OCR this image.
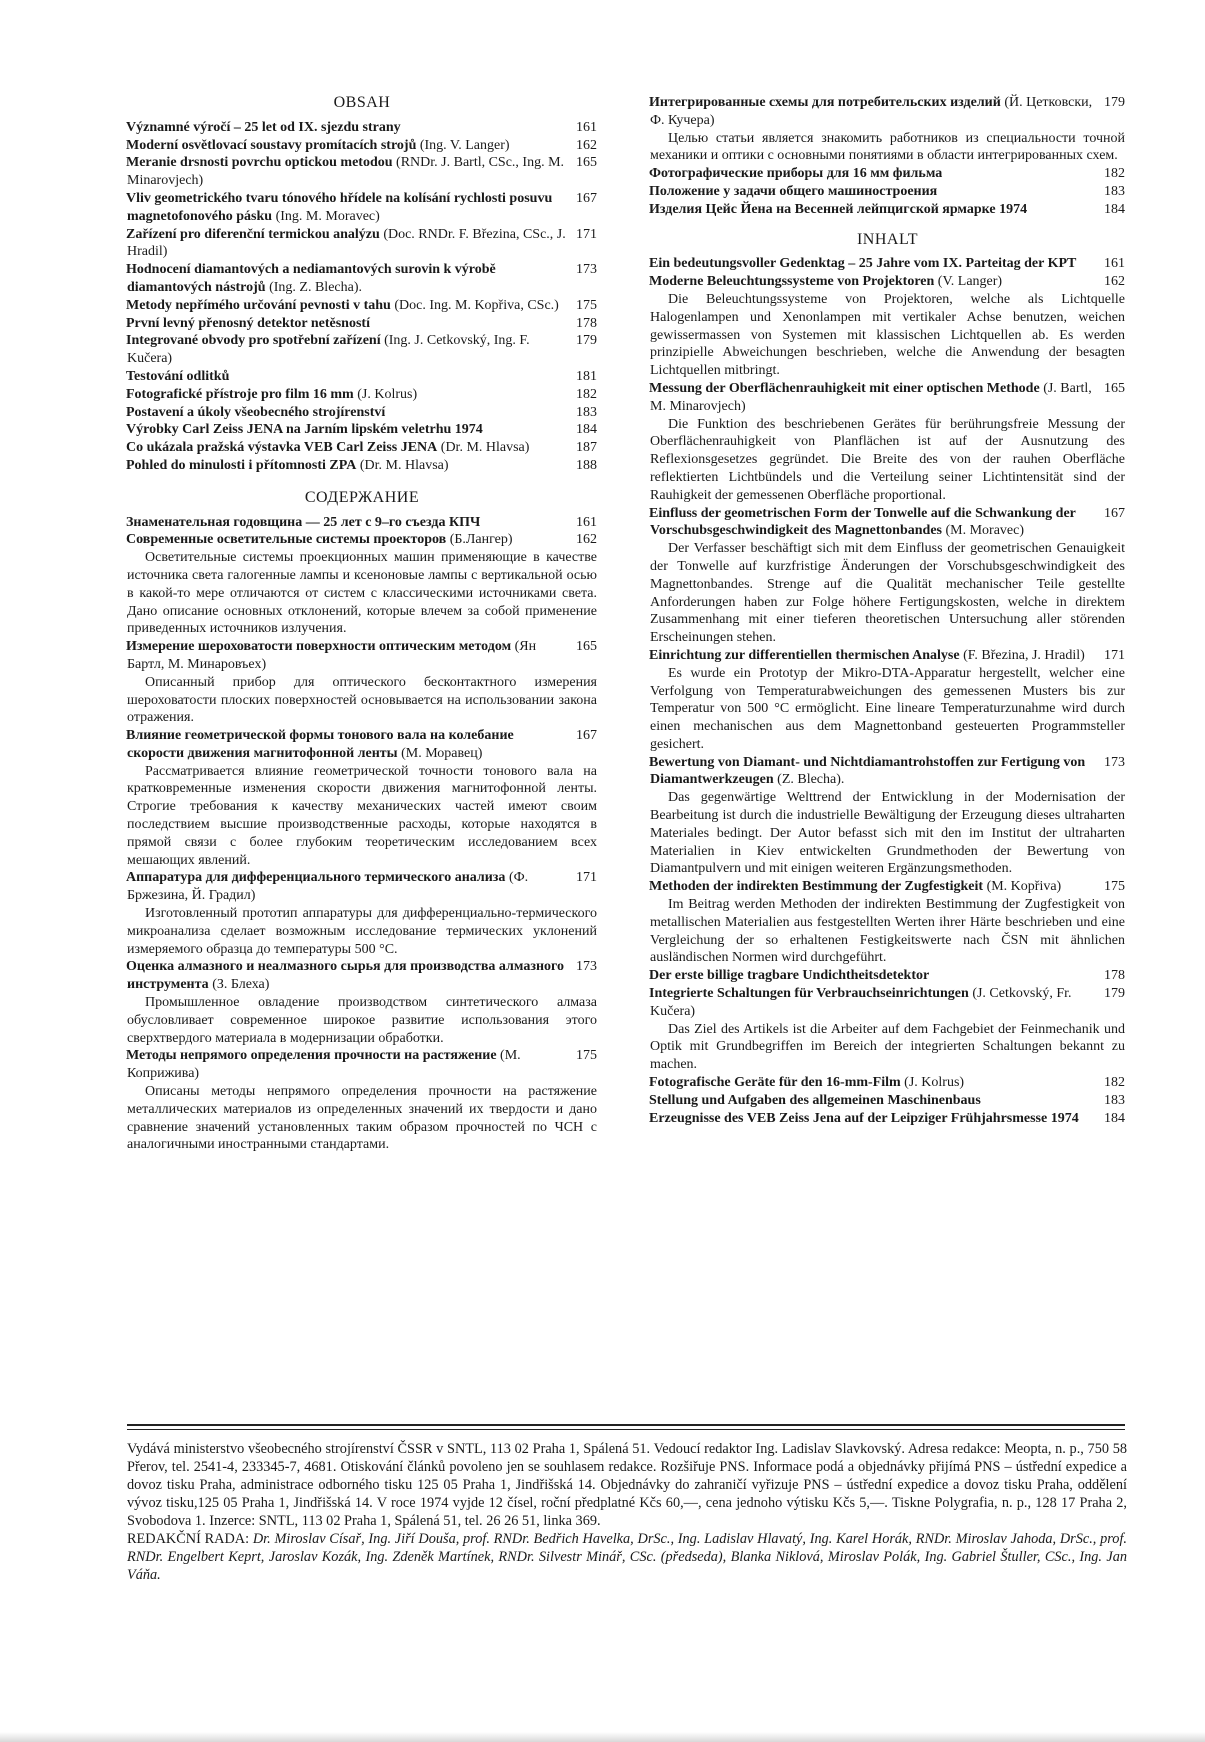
OBSAH
161
Významné výročí – 25 let od IX. sjezdu strany
162
Moderní osvětlovací soustavy promítacích strojů (Ing. V. Langer)
165
Meranie drsnosti povrchu optickou metodou (RNDr. J. Bartl, CSc., Ing. M. Minarovjech)
167
Vliv geometrického tvaru tónového hřídele na kolísání rychlosti posuvu magnetofonového pásku (Ing. M. Moravec)
171
Zařízení pro diferenční termickou analýzu (Doc. RNDr. F. Březina, CSc., J. Hradil)
173
Hodnocení diamantových a nediamantových surovin k výrobě diamantových nástrojů (Ing. Z. Blecha).
175
Metody nepřímého určování pevnosti v tahu (Doc. Ing. M. Kopřiva, CSc.)
178
První levný přenosný detektor netěsností
179
Integrované obvody pro spotřební zařízení (Ing. J. Cetkovský, Ing. F. Kučera)
181
Testování odlitků
182
Fotografické přístroje pro film 16 mm (J. Kolrus)
183
Postavení a úkoly všeobecného strojírenství
184
Výrobky Carl Zeiss JENA na Jarním lipském veletrhu 1974
187
Co ukázala pražská výstavka VEB Carl Zeiss JENA (Dr. M. Hlavsa)
188
Pohled do minulosti i přítomnosti ZPA (Dr. M. Hlavsa)
СОДЕРЖАНИЕ
161
Знаменательная годовщина — 25 лет с 9–го съезда КПЧ
162
Современные осветительные системы проекторов (Б.Лангер)
Осветительные системы проекционных машин применяющие в качестве источника света галогенные лампы и ксеноновые лампы с вертикальной осью в какой-то мере отличаются от систем с классическими источниками света. Дано описание основных отклонений, которые влечем за собой применение приведенных источников излучения.
165
Измерение шероховатости поверхности оптическим методом (Ян Бартл, М. Минаровъех)
Описанный прибор для оптического бесконтактного измерения шероховатости плоских поверхностей основывается на использовании закона отражения.
167
Влияние геометрической формы тонового вала на колебание скорости движения магнитофонной ленты (М. Моравец)
Рассматривается влияние геометрической точности тонового вала на кратковременные изменения скорости движения магнитофонной ленты. Строгие требования к качеству механических частей имеют своим последствием высшие производственные расходы, которые находятся в прямой связи с более глубоким теоретическим исследованием всех мешающих явлений.
171
Аппаратура для дифференциального термического анализа (Ф. Бржезина, Й. Градил)
Изготовленный прототип аппаратуры для дифференциально-термического микроанализа сделает возможным исследование термических уклонений измеряемого образца до температуры 500 °C.
173
Оценка алмазного и неалмазного сырья для производства алмазного инструмента (З. Блеха)
Промышленное овладение производством синтетического алмаза обусловливает современное широкое развитие использования этого сверхтвердого материала в модернизации обработки.
175
Методы непрямого определения прочности на растяжение (М. Коприжива)
Описаны методы непрямого определения прочности на растяжение металлических материалов из определенных значений их твердости и дано сравнение значений установленных таким образом прочностей по ЧСН с аналогичными иностранными стандартами.
179
Интегрированные схемы для потребительских изделий (Й. Цетковски, Ф. Кучера)
Целью статьи является знакомить работников из специальности точной механики и оптики с основными понятиями в области интегрированных схем.
182
Фотографические приборы для 16 мм фильма
183
Положение у задачи общего машиностроения
184
Изделия Цейс Йена на Весенней лейпцигской ярмарке 1974
INHALT
161
Ein bedeutungsvoller Gedenktag – 25 Jahre vom IX. Parteitag der KPT
162
Moderne Beleuchtungssysteme von Projektoren (V. Langer)
Die Beleuchtungssysteme von Projektoren, welche als Lichtquelle Halogenlampen und Xenonlampen mit vertikaler Achse benutzen, weichen gewissermassen von Systemen mit klassischen Lichtquellen ab. Es werden prinzipielle Abweichungen beschrieben, welche die Anwendung der besagten Lichtquellen mitbringt.
165
Messung der Oberflächenrauhigkeit mit einer optischen Methode (J. Bartl, M. Minarovjech)
Die Funktion des beschriebenen Gerätes für berührungsfreie Messung der Oberflächenrauhigkeit von Planflächen ist auf der Ausnutzung des Reflexionsgesetzes gegründet. Die Breite des von der rauhen Oberfläche reflektierten Lichtbündels und die Verteilung seiner Lichtintensität sind der Rauhigkeit der gemessenen Oberfläche proportional.
167
Einfluss der geometrischen Form der Tonwelle auf die Schwankung der Vorschubsgeschwindigkeit des Magnettonbandes (M. Moravec)
Der Verfasser beschäftigt sich mit dem Einfluss der geometrischen Genauigkeit der Tonwelle auf kurzfristige Änderungen der Vorschubsgeschwindigkeit des Magnettonbandes. Strenge auf die Qualität mechanischer Teile gestellte Anforderungen haben zur Folge höhere Fertigungskosten, welche in direktem Zusammenhang mit einer tieferen theoretischen Untersuchung aller störenden Erscheinungen stehen.
171
Einrichtung zur differentiellen thermischen Analyse (F. Březina, J. Hradil)
Es wurde ein Prototyp der Mikro-DTA-Apparatur hergestellt, welcher eine Verfolgung von Temperaturabweichungen des gemessenen Musters bis zur Temperatur von 500 °C ermöglicht. Eine lineare Temperaturzunahme wird durch einen mechanischen aus dem Magnettonband gesteuerten Programmsteller gesichert.
173
Bewertung von Diamant- und Nichtdiamantrohstoffen zur Fertigung von Diamantwerkzeugen (Z. Blecha).
Das gegenwärtige Welttrend der Entwicklung in der Modernisation der Bearbeitung ist durch die industrielle Bewältigung der Erzeugung dieses ultraharten Materiales bedingt. Der Autor befasst sich mit den im Institut der ultraharten Materialien in Kiev entwickelten Grundmethoden der Bewertung von Diamantpulvern und mit einigen weiteren Ergänzungsmethoden.
175
Methoden der indirekten Bestimmung der Zugfestigkeit (M. Kopřiva)
Im Beitrag werden Methoden der indirekten Bestimmung der Zugfestigkeit von metallischen Materialien aus festgestellten Werten ihrer Härte beschrieben und eine Vergleichung der so erhaltenen Festigkeitswerte nach ČSN mit ähnlichen ausländischen Normen wird durchgeführt.
178
Der erste billige tragbare Undichtheitsdetektor
179
Integrierte Schaltungen für Verbrauchseinrichtungen (J. Cetkovský, Fr. Kučera)
Das Ziel des Artikels ist die Arbeiter auf dem Fachgebiet der Feinmechanik und Optik mit Grundbegriffen im Bereich der integrierten Schaltungen bekannt zu machen.
182
Fotografische Geräte für den 16-mm-Film (J. Kolrus)
183
Stellung und Aufgaben des allgemeinen Maschinenbaus
184
Erzeugnisse des VEB Zeiss Jena auf der Leipziger Frühjahrsmesse 1974
Vydává ministerstvo všeobecného strojírenství ČSSR v SNTL, 113 02 Praha 1, Spálená 51. Vedoucí redaktor Ing. Ladislav Slavkovský. Adresa redakce: Meopta, n. p., 750 58 Přerov, tel. 2541-4, 233345-7, 4681. Otiskování článků povoleno jen se souhlasem redakce. Rozšiřuje PNS. Informace podá a objednávky přijímá PNS – ústřední expedice a dovoz tisku Praha, administrace odborného tisku 125 05 Praha 1, Jindřišská 14. Objednávky do zahraničí vyřizuje PNS – ústřední expedice a dovoz tisku Praha, oddělení vývoz tisku,125 05 Praha 1, Jindřišská 14. V roce 1974 vyjde 12 čísel, roční předplatné Kčs 60,—, cena jednoho výtisku Kčs 5,—. Tiskne Polygrafia, n. p., 128 17 Praha 2, Svobodova 1. Inzerce: SNTL, 113 02 Praha 1, Spálená 51, tel. 26 26 51, linka 369.
REDAKČNÍ RADA: Dr. Miroslav Císař, Ing. Jiří Douša, prof. RNDr. Bedřich Havelka, DrSc., Ing. Ladislav Hlavatý, Ing. Karel Horák, RNDr. Miroslav Jahoda, DrSc., prof. RNDr. Engelbert Keprt, Jaroslav Kozák, Ing. Zdeněk Martínek, RNDr. Silvestr Minář, CSc. (předseda), Blanka Niklová, Miroslav Polák, Ing. Gabriel Štuller, CSc., Ing. Jan Váňa.
